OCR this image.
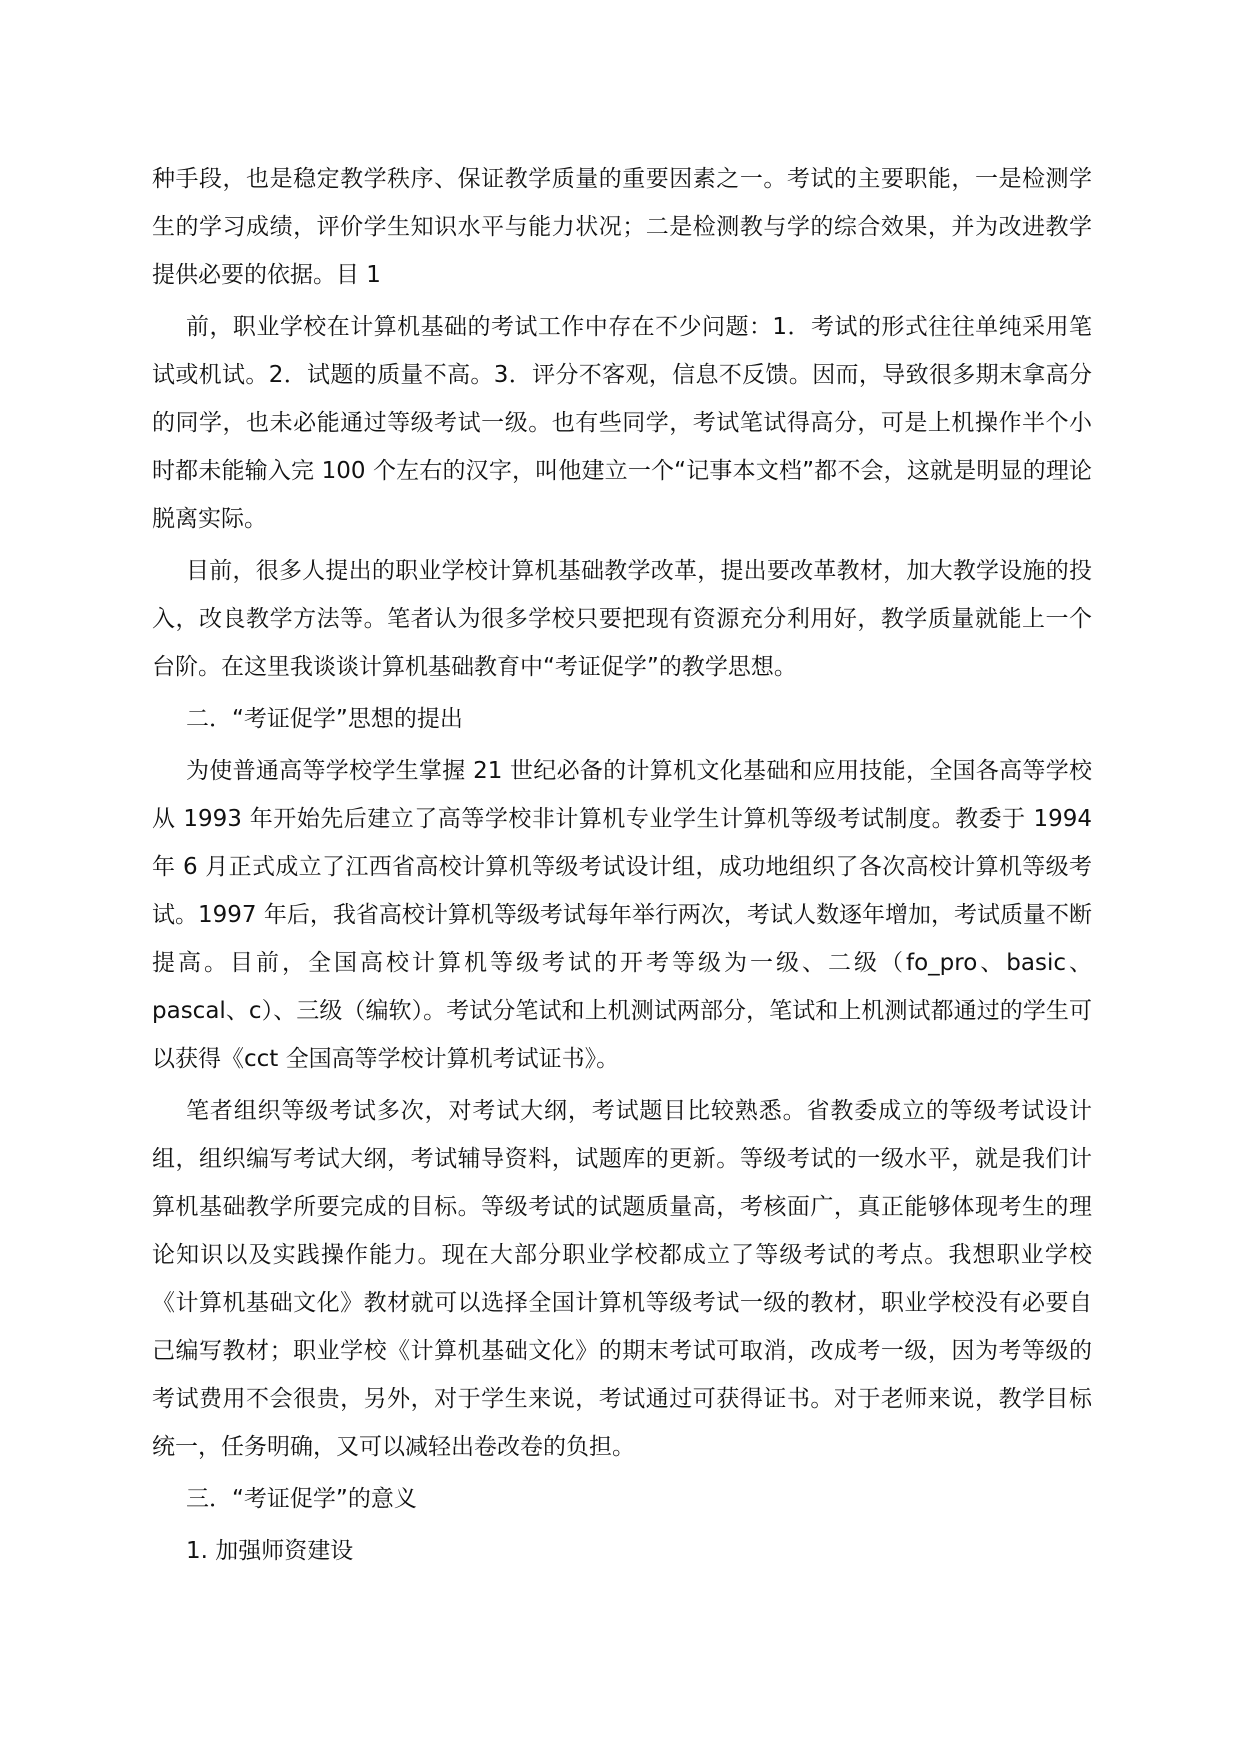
种手段，也是稳定教学秩序、保证教学质量的重要因素之一。考试的主要职能，一是检测学生的学习成绩，评价学生知识水平与能力状况；二是检测教与学的综合效果，并为改进教学提供必要的依据。目 1

前，职业学校在计算机基础的考试工作中存在不少问题：1．考试的形式往往单纯采用笔试或机试。2．试题的质量不高。3．评分不客观，信息不反馈。因而，导致很多期末拿高分的同学，也未必能通过等级考试一级。也有些同学，考试笔试得高分，可是上机操作半个小时都未能输入完 100 个左右的汉字，叫他建立一个“记事本文档”都不会，这就是明显的理论脱离实际。

目前，很多人提出的职业学校计算机基础教学改革，提出要改革教材，加大教学设施的投入，改良教学方法等。笔者认为很多学校只要把现有资源充分利用好，教学质量就能上一个台阶。在这里我谈谈计算机基础教育中“考证促学”的教学思想。

二．“考证促学”思想的提出

为使普通高等学校学生掌握 21 世纪必备的计算机文化基础和应用技能，全国各高等学校从 1993 年开始先后建立了高等学校非计算机专业学生计算机等级考试制度。教委于 1994 年 6 月正式成立了江西省高校计算机等级考试设计组，成功地组织了各次高校计算机等级考试。1997 年后，我省高校计算机等级考试每年举行两次，考试人数逐年增加，考试质量不断提高。目前，全国高校计算机等级考试的开考等级为一级、二级（fo_pro、basic、pascal、c）、三级（编软）。考试分笔试和上机测试两部分，笔试和上机测试都通过的学生可以获得《cct 全国高等学校计算机考试证书》。

笔者组织等级考试多次，对考试大纲，考试题目比较熟悉。省教委成立的等级考试设计组，组织编写考试大纲，考试辅导资料，试题库的更新。等级考试的一级水平，就是我们计算机基础教学所要完成的目标。等级考试的试题质量高，考核面广，真正能够体现考生的理论知识以及实践操作能力。现在大部分职业学校都成立了等级考试的考点。我想职业学校《计算机基础文化》教材就可以选择全国计算机等级考试一级的教材，职业学校没有必要自己编写教材；职业学校《计算机基础文化》的期末考试可取消，改成考一级，因为考等级的考试费用不会很贵，另外，对于学生来说，考试通过可获得证书。对于老师来说，教学目标统一，任务明确，又可以减轻出卷改卷的负担。

三．“考证促学”的意义

1. 加强师资建设
